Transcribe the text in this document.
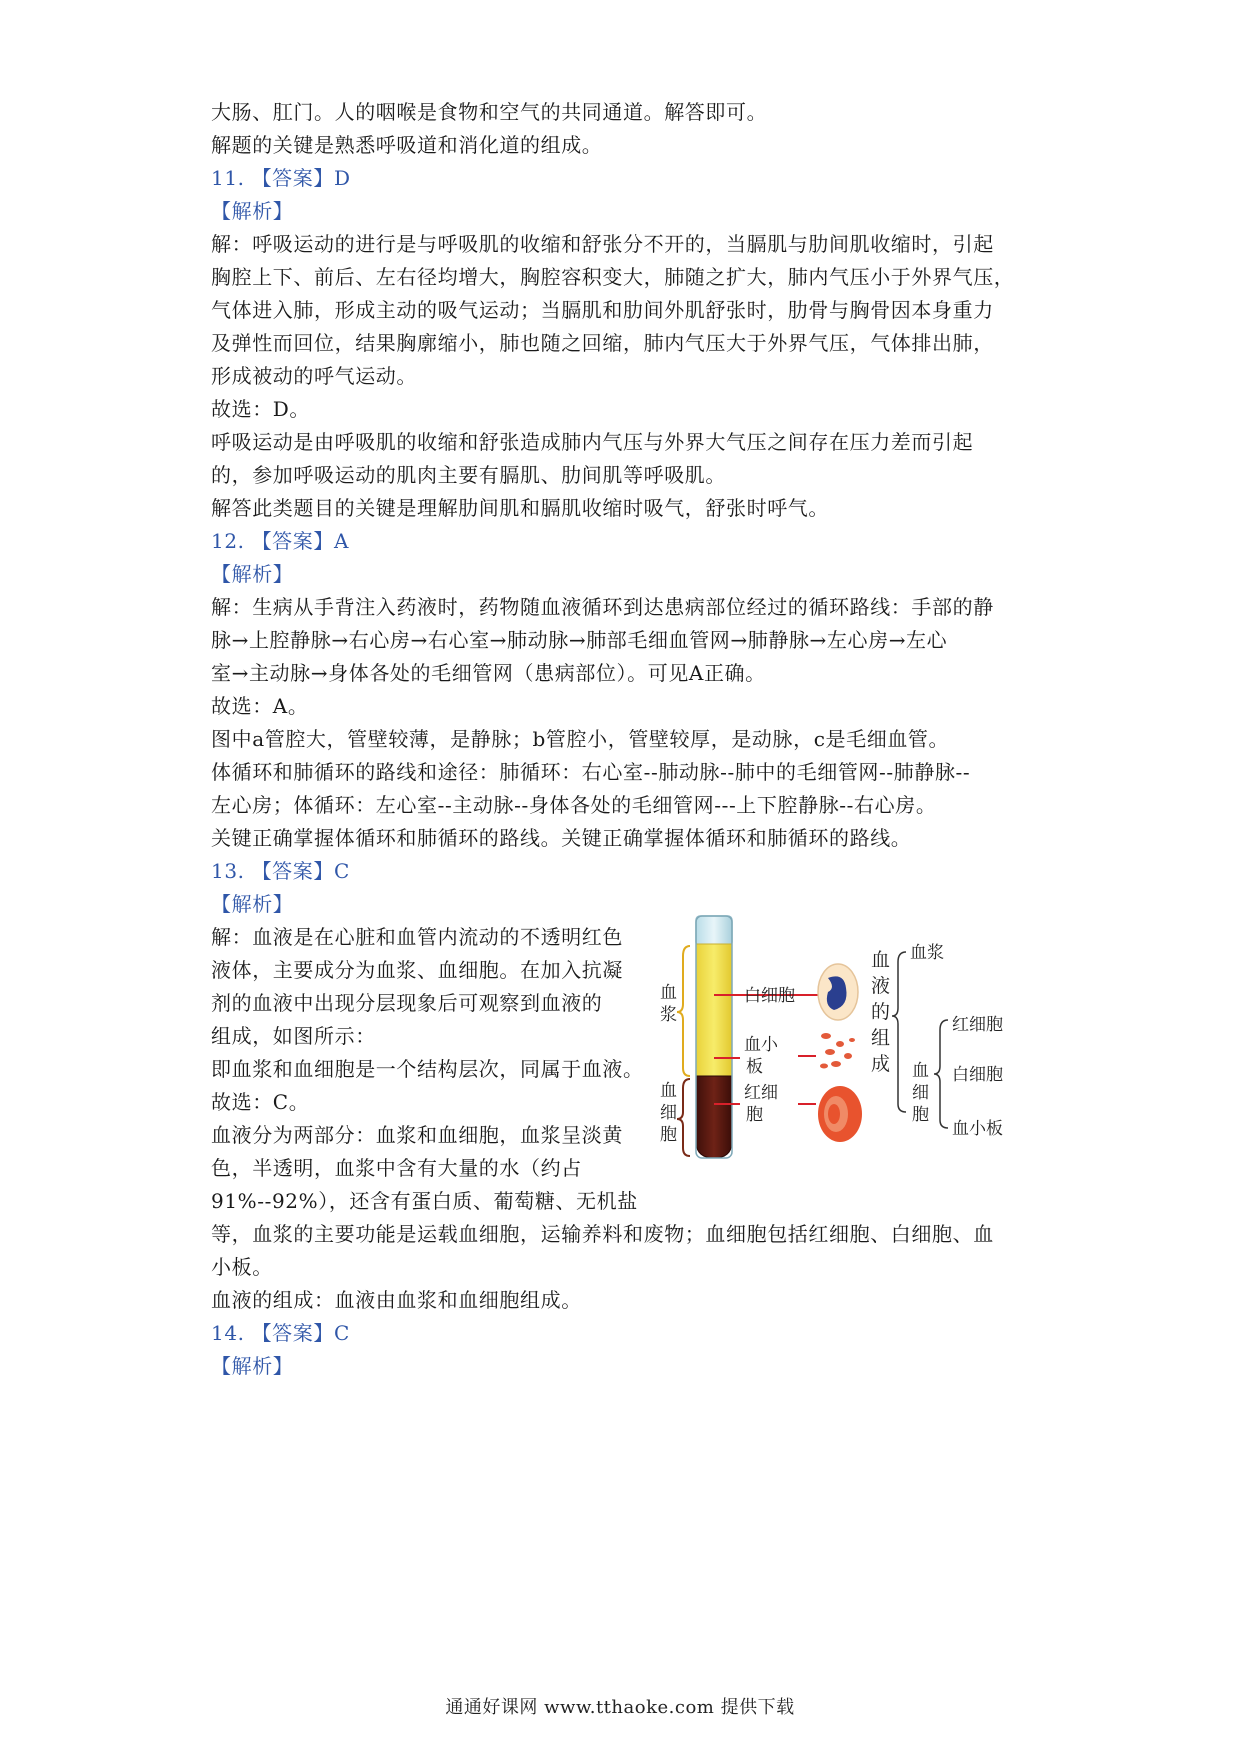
大肠、肛门。人的咽喉是食物和空气的共同通道。解答即可。
解题的关键是熟悉呼吸道和消化道的组成。
11. 【答案】D
【解析】
解：呼吸运动的进行是与呼吸肌的收缩和舒张分不开的，当膈肌与肋间肌收缩时，引起
胸腔上下、前后、左右径均增大，胸腔容积变大，肺随之扩大，肺内气压小于外界气压，
气体进入肺，形成主动的吸气运动；当膈肌和肋间外肌舒张时，肋骨与胸骨因本身重力
及弹性而回位，结果胸廓缩小，肺也随之回缩，肺内气压大于外界气压，气体排出肺，
形成被动的呼气运动。
故选：D。
呼吸运动是由呼吸肌的收缩和舒张造成肺内气压与外界大气压之间存在压力差而引起
的，参加呼吸运动的肌肉主要有膈肌、肋间肌等呼吸肌。
解答此类题目的关键是理解肋间肌和膈肌收缩时吸气，舒张时呼气。
12. 【答案】A
【解析】
解：生病从手背注入药液时，药物随血液循环到达患病部位经过的循环路线：手部的静
脉→上腔静脉→右心房→右心室→肺动脉→肺部毛细血管网→肺静脉→左心房→左心
室→主动脉→身体各处的毛细管网（患病部位）。可见A正确。
故选：A。
图中a管腔大，管壁较薄，是静脉；b管腔小，管壁较厚，是动脉，c是毛细血管。
体循环和肺循环的路线和途径：肺循环：右心室--肺动脉--肺中的毛细管网--肺静脉--
左心房；体循环：左心室--主动脉--身体各处的毛细管网---上下腔静脉--右心房。
关键正确掌握体循环和肺循环的路线。关键正确掌握体循环和肺循环的路线。
13. 【答案】C
【解析】
解：血液是在心脏和血管内流动的不透明红色
液体，主要成分为血浆、血细胞。在加入抗凝
剂的血液中出现分层现象后可观察到血液的
组成，如图所示：
即血浆和血细胞是一个结构层次，同属于血液。
故选：C。
血液分为两部分：血浆和血细胞，血浆呈淡黄
色，半透明，血浆中含有大量的水（约占
91%--92%），还含有蛋白质、葡萄糖、无机盐
等，血浆的主要功能是运载血细胞，运输养料和废物；血细胞包括红细胞、白细胞、血
小板。
血液的组成：血液由血浆和血细胞组成。
14. 【答案】C
【解析】
血
浆
血
细
胞
白细胞
血小
板
红细
胞
血
液
的
组
成
血浆
血
细
胞
红细胞
白细胞
血小板
通通好课网 www.tthaoke.com 提供下载
